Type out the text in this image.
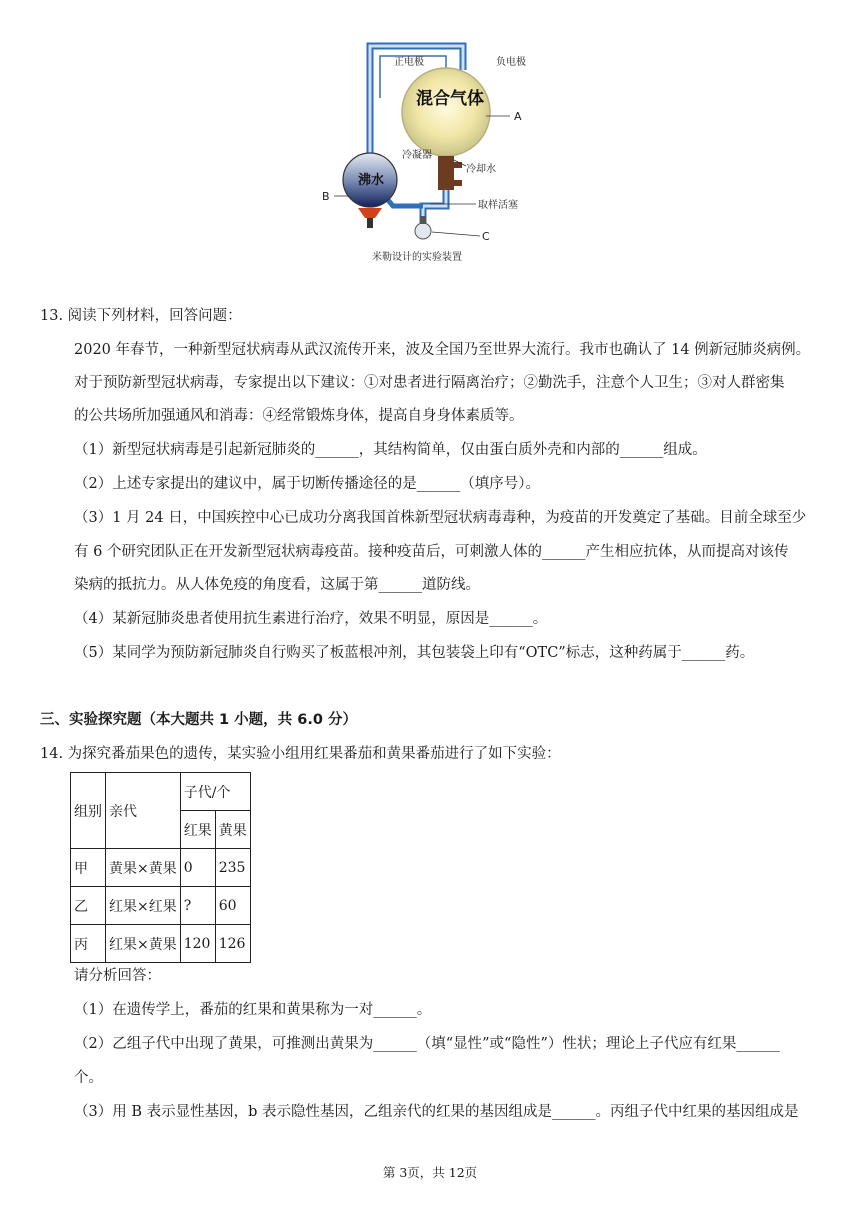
正电极	负电极
混合气体
A
冷凝器
冷却水
沸水
B
取样活塞
C
米勒设计的实验装置
13. 阅读下列材料，回答问题：
2020 年春节，一种新型冠状病毒从武汉流传开来，波及全国乃至世界大流行。我市也确认了 14 例新冠肺炎病例。
对于预防新型冠状病毒，专家提出以下建议：①对患者进行隔离治疗；②勤洗手，注意个人卫生；③对人群密集
的公共场所加强通风和消毒：④经常锻炼身体，提高自身身体素质等。
（1）新型冠状病毒是引起新冠肺炎的______，其结构简单，仅由蛋白质外壳和内部的______组成。
（2）上述专家提出的建议中，属于切断传播途径的是______（填序号）。
（3）1 月 24 日，中国疾控中心已成功分离我国首株新型冠状病毒毒种，为疫苗的开发奠定了基础。目前全球至少
有 6 个研究团队正在开发新型冠状病毒疫苗。接种疫苗后，可刺激人体的______产生相应抗体，从而提高对该传
染病的抵抗力。从人体免疫的角度看，这属于第______道防线。
（4）某新冠肺炎患者使用抗生素进行治疗，效果不明显，原因是______。
（5）某同学为预防新冠肺炎自行购买了板蓝根冲剂，其包装袋上印有“OTC”标志，这种药属于______药。
三、实验探究题（本大题共 1 小题，共 6.0 分）
14. 为探究番茄果色的遗传，某实验小组用红果番茄和黄果番茄进行了如下实验：
组别	亲代	子代/个	
		红果	黄果
甲	黄果×黄果	0	235
乙	红果×红果	?	60
丙	红果×黄果	120	126
请分析回答：
（1）在遗传学上，番茄的红果和黄果称为一对______。
（2）乙组子代中出现了黄果，可推测出黄果为______（填“显性”或“隐性”）性状；理论上子代应有红果______
个。
（3）用 B 表示显性基因，b 表示隐性基因，乙组亲代的红果的基因组成是______。丙组子代中红果的基因组成是
第 3页，共 12页
